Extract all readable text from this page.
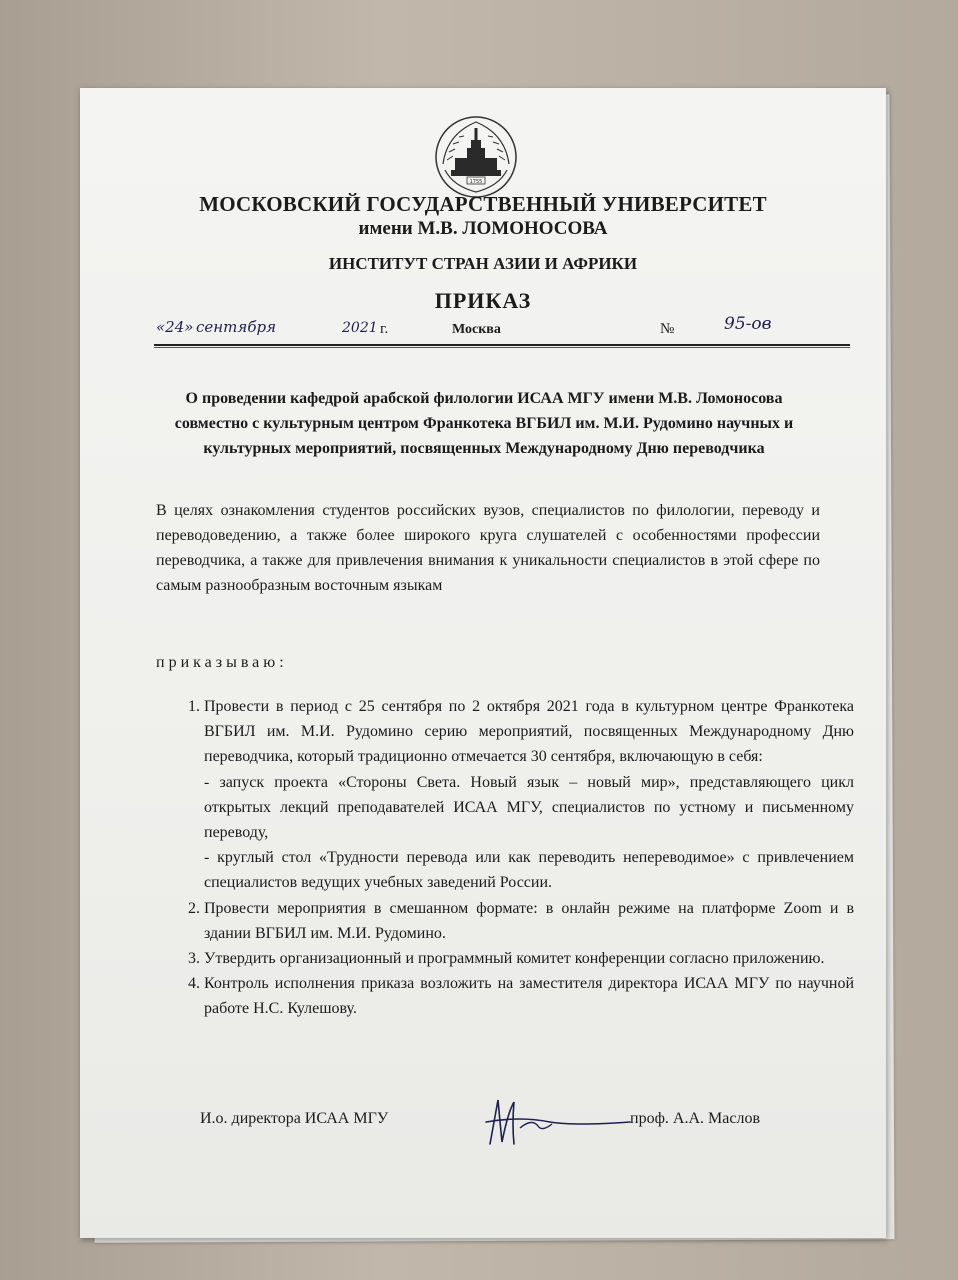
1755
МОСКОВСКИЙ ГОСУДАРСТВЕННЫЙ УНИВЕРСИТЕТ
имени М.В. ЛОМОНОСОВА
ИНСТИТУТ СТРАН АЗИИ И АФРИКИ
ПРИКАЗ
«24» сентября	2021 г.	Москва	№	95-ов
О проведении кафедрой арабской филологии ИСАА МГУ имени М.В. Ломоносова совместно с культурным центром Франкотека ВГБИЛ им. М.И. Рудомино научных и культурных мероприятий, посвященных Международному Дню переводчика
В целях ознакомления студентов российских вузов, специалистов по филологии, переводу и переводоведению, а также более широкого круга слушателей с особенностями профессии переводчика, а также для привлечения внимания к уникальности специалистов в этой сфере по самым разнообразным восточным языкам
приказываю:
1. Провести в период с 25 сентября по 2 октября 2021 года в культурном центре Франкотека ВГБИЛ им. М.И. Рудомино серию мероприятий, посвященных Международному Дню переводчика, который традиционно отмечается 30 сентября, включающую в себя:
- запуск проекта «Стороны Света. Новый язык – новый мир», представляющего цикл открытых лекций преподавателей ИСАА МГУ, специалистов по устному и письменному переводу,
- круглый стол «Трудности перевода или как переводить непереводимое» с привлечением специалистов ведущих учебных заведений России.
2. Провести мероприятия в смешанном формате: в онлайн режиме на платформе Zoom и в здании ВГБИЛ им. М.И. Рудомино.
3. Утвердить организационный и программный комитет конференции согласно приложению.
4. Контроль исполнения приказа возложить на заместителя директора ИСАА МГУ по научной работе Н.С. Кулешову.
И.о. директора ИСАА МГУ	проф. А.А. Маслов
